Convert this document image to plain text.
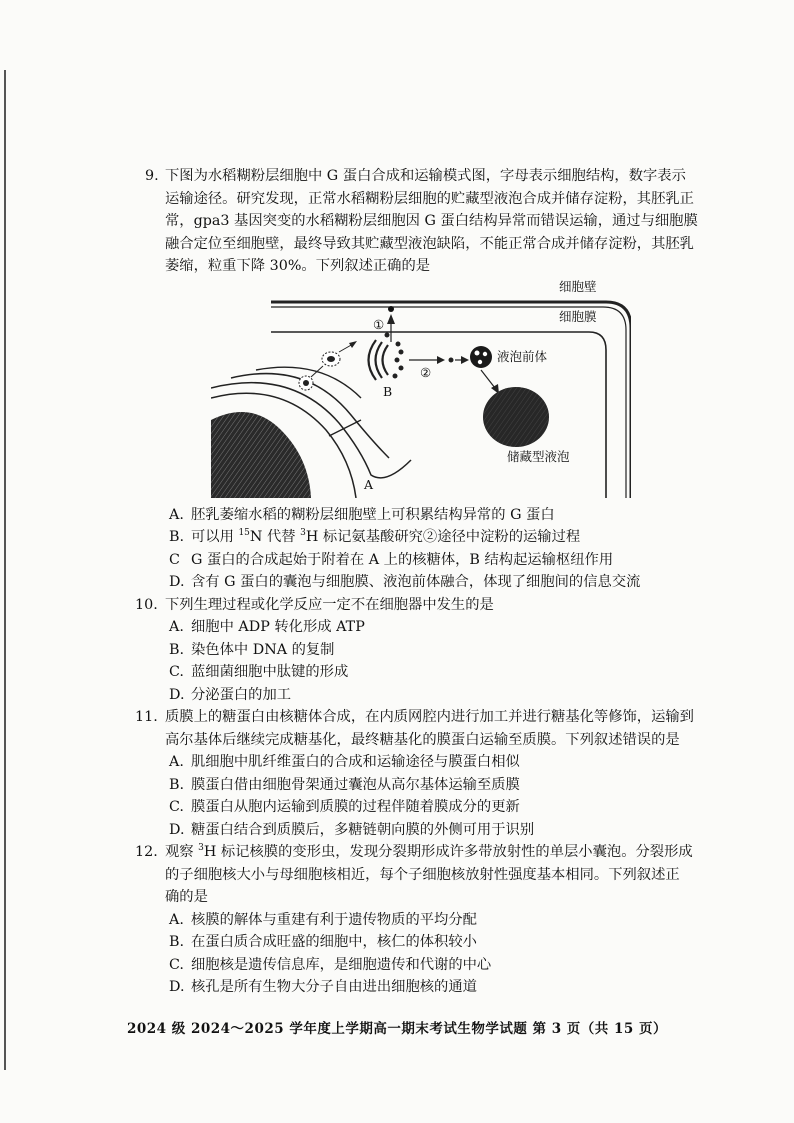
9. 下图为水稻糊粉层细胞中 G 蛋白合成和运输模式图，字母表示细胞结构，数字表示

运输途径。研究发现，正常水稻糊粉层细胞的贮藏型液泡合成并储存淀粉，其胚乳正

常，gpa3 基因突变的水稻糊粉层细胞因 G 蛋白结构异常而错误运输，通过与细胞膜

融合定位至细胞壁，最终导致其贮藏型液泡缺陷，不能正常合成并储存淀粉，其胚乳

萎缩，粒重下降 30%。下列叙述正确的是

细胞壁
细胞膜
①
②
B
液泡前体
储藏型液泡
A
A. 胚乳萎缩水稻的糊粉层细胞壁上可积累结构异常的 G 蛋白
B. 可以用 $^{15}$N 代替 $^3$H 标记氨基酸研究②途径中淀粉的运输过程
C G 蛋白的合成起始于附着在 A 上的核糖体，B 结构起运输枢纽作用
D. 含有 G 蛋白的囊泡与细胞膜、液泡前体融合，体现了细胞间的信息交流
10. 下列生理过程或化学反应一定不在细胞器中发生的是

A. 细胞中 ADP 转化形成 ATP
B. 染色体中 DNA 的复制
C. 蓝细菌细胞中肽键的形成
D. 分泌蛋白的加工
11. 质膜上的糖蛋白由核糖体合成，在内质网腔内进行加工并进行糖基化等修饰，运输到

高尔基体后继续完成糖基化，最终糖基化的膜蛋白运输至质膜。下列叙述错误的是

A. 肌细胞中肌纤维蛋白的合成和运输途径与膜蛋白相似
B. 膜蛋白借由细胞骨架通过囊泡从高尔基体运输至质膜
C. 膜蛋白从胞内运输到质膜的过程伴随着膜成分的更新
D. 糖蛋白结合到质膜后，多糖链朝向膜的外侧可用于识别
12. 观察 $^3$H 标记核膜的变形虫，发现分裂期形成许多带放射性的单层小囊泡。分裂形成

的子细胞核大小与母细胞核相近，每个子细胞核放射性强度基本相同。下列叙述正

确的是

A. 核膜的解体与重建有利于遗传物质的平均分配
B. 在蛋白质合成旺盛的细胞中，核仁的体积较小
C. 细胞核是遗传信息库，是细胞遗传和代谢的中心
D. 核孔是所有生物大分子自由进出细胞核的通道
2024 级 2024～2025 学年度上学期高一期末考试生物学试题 第 3 页（共 15 页）
